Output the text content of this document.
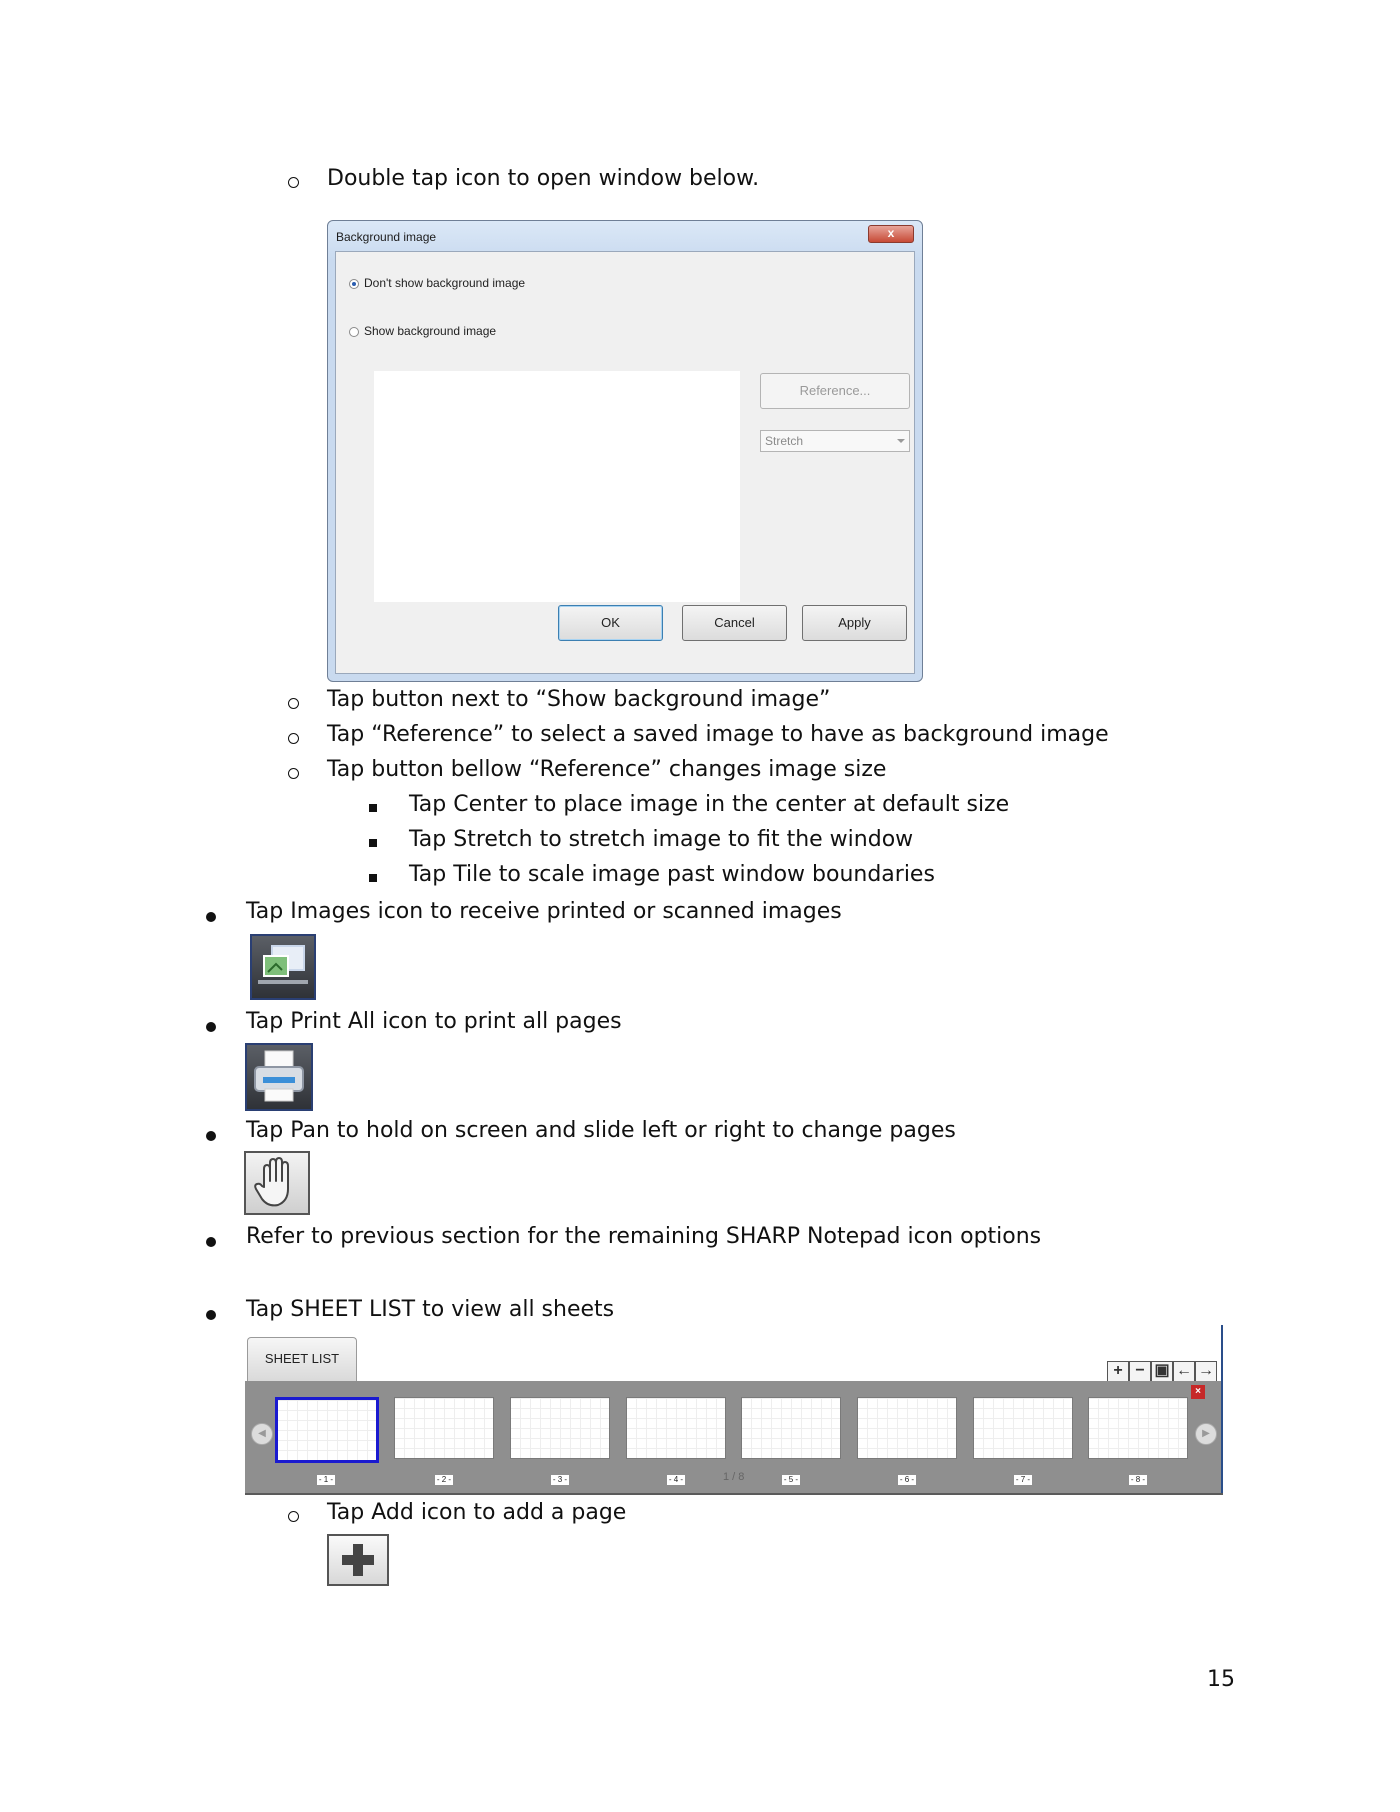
Double tap icon to open window below.
Background image	x
Don't show background image
Show background image
Reference...
Stretch
OK	Cancel	Apply
Tap button next to “Show background image”
Tap “Reference” to select a saved image to have as background image
Tap button bellow “Reference” changes image size
Tap Center to place image in the center at default size
Tap Stretch to stretch image to fit the window
Tap Tile to scale image past window boundaries
Tap Images icon to receive printed or scanned images
Tap Print All icon to print all pages
Tap Pan to hold on screen and slide left or right to change pages
Refer to previous section for the remaining SHARP Notepad icon options
Tap SHEET LIST to view all sheets
SHEET LIST
+ − ▣ ← →
◀	▶
- 1 -	- 2 -	- 3 -	- 4 -	1 / 8	- 5 -	- 6 -	- 7 -	- 8 -
×
Tap Add icon to add a page
15
